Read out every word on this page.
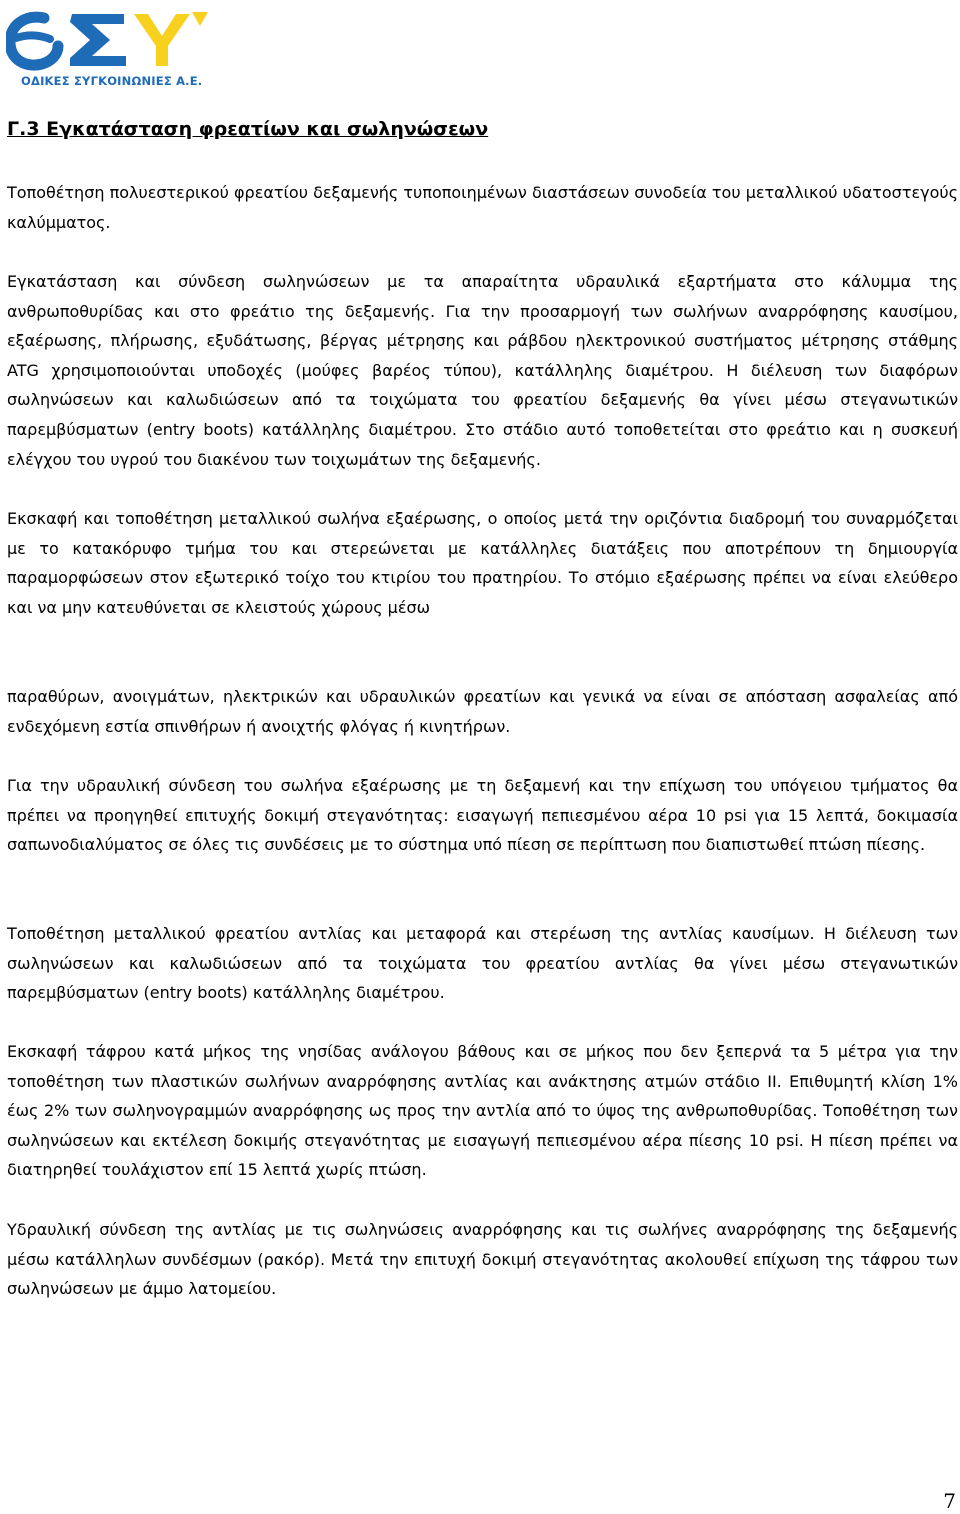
ΟΔΙΚΕΣ ΣΥΓΚΟΙΝΩΝΙΕΣ Α.Ε.
Γ.3 Εγκατάσταση φρεατίων και σωληνώσεων

Τοποθέτηση πολυεστερικού φρεατίου δεξαμενής τυποποιημένων διαστάσεων συνοδεία του μεταλλικού υδατοστεγούς καλύμματος.

Εγκατάσταση και σύνδεση σωληνώσεων με τα απαραίτητα υδραυλικά εξαρτήματα στο κάλυμμα της ανθρωποθυρίδας και στο φρεάτιο της δεξαμενής. Για την προσαρμογή των σωλήνων αναρρόφησης καυσίμου, εξαέρωσης, πλήρωσης, εξυδάτωσης, βέργας μέτρησης και ράβδου ηλεκτρονικού συστήματος μέτρησης στάθμης ATG χρησιμοποιούνται υποδοχές (μούφες βαρέος τύπου), κατάλληλης διαμέτρου. Η διέλευση των διαφόρων σωληνώσεων και καλωδιώσεων από τα τοιχώματα του φρεατίου δεξαμενής θα γίνει μέσω στεγανωτικών παρεμβύσματων (entry boots) κατάλληλης διαμέτρου. Στο στάδιο αυτό τοποθετείται στο φρεάτιο και η συσκευή ελέγχου του υγρού του διακένου των τοιχωμάτων της δεξαμενής.

Εκσκαφή και τοποθέτηση μεταλλικού σωλήνα εξαέρωσης, ο οποίος μετά την οριζόντια διαδρομή του συναρμόζεται με το κατακόρυφο τμήμα του και στερεώνεται με κατάλληλες διατάξεις που αποτρέπουν τη δημιουργία παραμορφώσεων στον εξωτερικό τοίχο του κτιρίου του πρατηρίου. Το στόμιο εξαέρωσης πρέπει να είναι ελεύθερο και να μην κατευθύνεται σε κλειστούς χώρους μέσω

παραθύρων, ανοιγμάτων, ηλεκτρικών και υδραυλικών φρεατίων και γενικά να είναι σε απόσταση ασφαλείας από ενδεχόμενη εστία σπινθήρων ή ανοιχτής φλόγας ή κινητήρων.

Για την υδραυλική σύνδεση του σωλήνα εξαέρωσης με τη δεξαμενή και την επίχωση του υπόγειου τμήματος θα πρέπει να προηγηθεί επιτυχής δοκιμή στεγανότητας: εισαγωγή πεπιεσμένου αέρα 10 psi για 15 λεπτά, δοκιμασία σαπωνοδιαλύματος σε όλες τις συνδέσεις με το σύστημα υπό πίεση σε περίπτωση που διαπιστωθεί πτώση πίεσης.

Τοποθέτηση μεταλλικού φρεατίου αντλίας και μεταφορά και στερέωση της αντλίας καυσίμων. Η διέλευση των σωληνώσεων και καλωδιώσεων από τα τοιχώματα του φρεατίου αντλίας θα γίνει μέσω στεγανωτικών παρεμβύσματων (entry boots) κατάλληλης διαμέτρου.

Εκσκαφή τάφρου κατά μήκος της νησίδας ανάλογου βάθους και σε μήκος που δεν ξεπερνά τα 5 μέτρα για την τοποθέτηση των πλαστικών σωλήνων αναρρόφησης αντλίας και ανάκτησης ατμών στάδιο ΙΙ. Επιθυμητή κλίση 1% έως 2% των σωληνογραμμών αναρρόφησης ως προς την αντλία από το ύψος της ανθρωποθυρίδας. Τοποθέτηση των σωληνώσεων και εκτέλεση δοκιμής στεγανότητας με εισαγωγή πεπιεσμένου αέρα πίεσης 10 psi. Η πίεση πρέπει να διατηρηθεί τουλάχιστον επί 15 λεπτά χωρίς πτώση.

Υδραυλική σύνδεση της αντλίας με τις σωληνώσεις αναρρόφησης και τις σωλήνες αναρρόφησης της δεξαμενής μέσω κατάλληλων συνδέσμων (ρακόρ). Μετά την επιτυχή δοκιμή στεγανότητας ακολουθεί επίχωση της τάφρου των σωληνώσεων με άμμο λατομείου.

7
